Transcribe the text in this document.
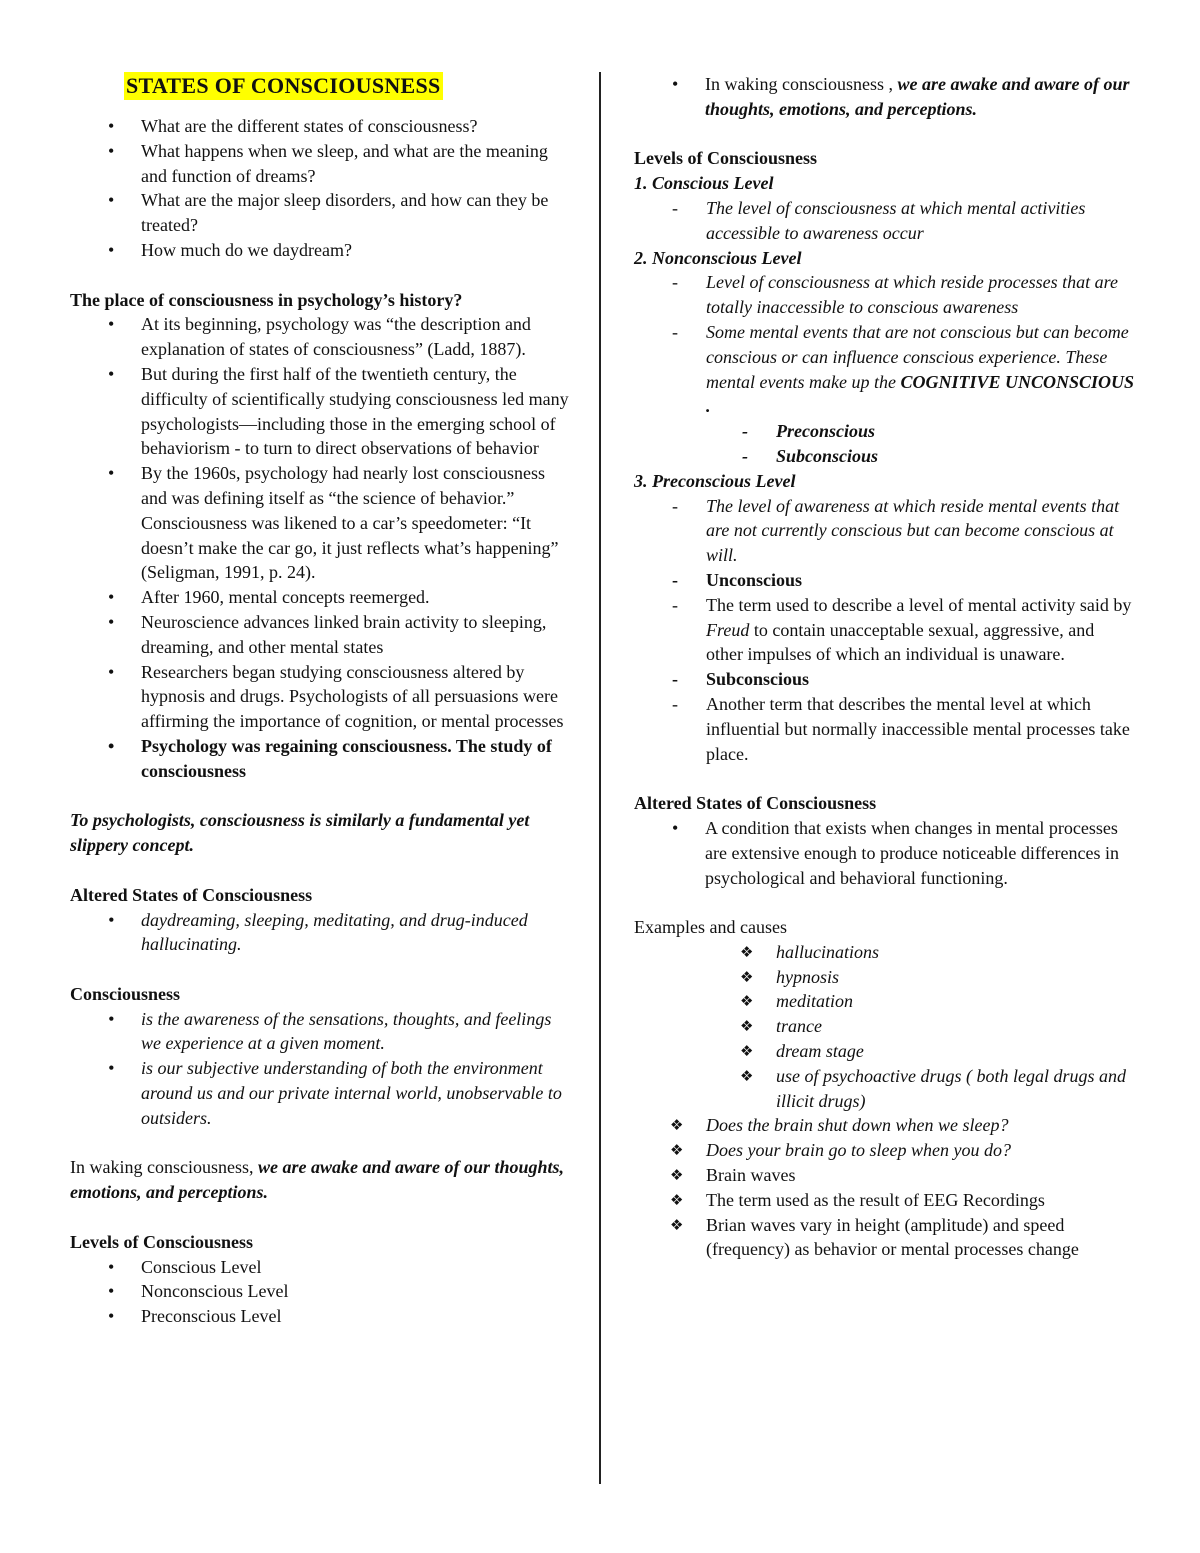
STATES OF CONSCIOUSNESS
• What are the different states of consciousness?
• What happens when we sleep, and what are the meaning and function of dreams?
• What are the major sleep disorders, and how can they be treated?
• How much do we daydream?

The place of consciousness in psychology’s history?

• At its beginning, psychology was “the description and explanation of states of consciousness” (Ladd, 1887).
• But during the first half of the twentieth century, the difficulty of scientifically studying consciousness led many psychologists—including those in the emerging school of behaviorism - to turn to direct observations of behavior
• By the 1960s, psychology had nearly lost consciousness and was defining itself as “the science of behavior.” Consciousness was likened to a car’s speedometer: “It doesn’t make the car go, it just reflects what’s happening” (Seligman, 1991, p. 24).
• After 1960, mental concepts reemerged.
• Neuroscience advances linked brain activity to sleeping, dreaming, and other mental states
• Researchers began studying consciousness altered by hypnosis and drugs. Psychologists of all persuasions were affirming the importance of cognition, or mental processes
• Psychology was regaining consciousness. The study of consciousness

To psychologists, consciousness is similarly a fundamental yet slippery concept.

Altered States of Consciousness

• daydreaming, sleeping, meditating, and drug-induced hallucinating.

Consciousness

• is the awareness of the sensations, thoughts, and feelings we experience at a given moment.
• is our subjective understanding of both the environment around us and our private internal world, unobservable to outsiders.

In waking consciousness, we are awake and aware of our thoughts, emotions, and perceptions.

Levels of Consciousness

• Conscious Level
• Nonconscious Level
• Preconscious Level
• In waking consciousness , we are awake and aware of our thoughts, emotions, and perceptions.

Levels of Consciousness

1. Conscious Level

- The level of consciousness at which mental activities accessible to awareness occur

2. Nonconscious Level

- Level of consciousness at which reside processes that are totally inaccessible to conscious awareness
- Some mental events that are not conscious but can become conscious or can influence conscious experience. These mental events make up the COGNITIVE UNCONSCIOUS .
- Preconscious
- Subconscious

3. Preconscious Level

- The level of awareness at which reside mental events that are not currently conscious but can become conscious at will.
- Unconscious
- The term used to describe a level of mental activity said by Freud to contain unacceptable sexual, aggressive, and other impulses of which an individual is unaware.
- Subconscious
- Another term that describes the mental level at which influential but normally inaccessible mental processes take place.

Altered States of Consciousness

• A condition that exists when changes in mental processes are extensive enough to produce noticeable differences in psychological and behavioral functioning.

Examples and causes

❖ hallucinations
❖ hypnosis
❖ meditation
❖ trance
❖ dream stage
❖ use of psychoactive drugs ( both legal drugs and illicit drugs)
❖ Does the brain shut down when we sleep?
❖ Does your brain go to sleep when you do?
❖ Brain waves
❖ The term used as the result of EEG Recordings
❖ Brian waves vary in height (amplitude) and speed (frequency) as behavior or mental processes change
